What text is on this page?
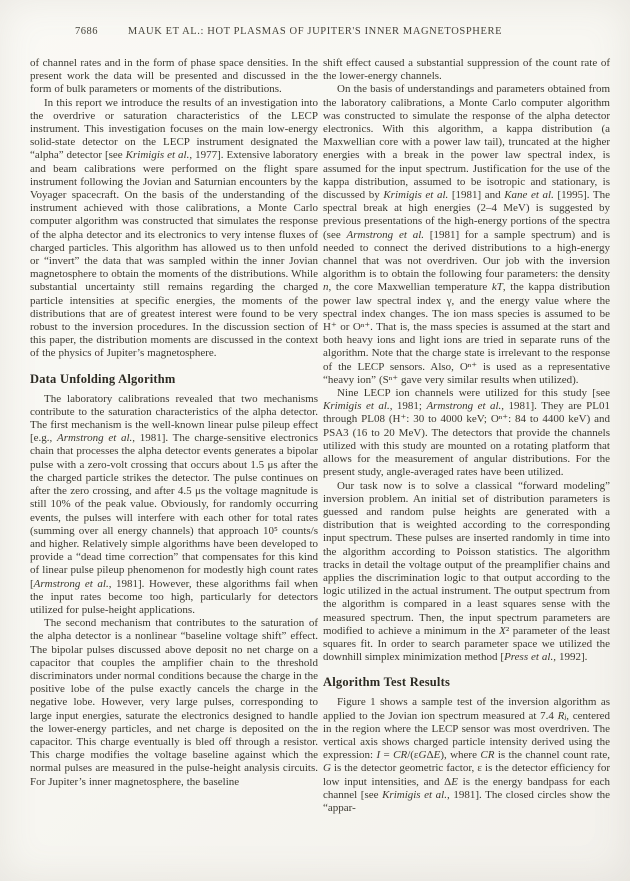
7686	MAUK ET AL.: HOT PLASMAS OF JUPITER'S INNER MAGNETOSPHERE

of channel rates and in the form of phase space densities. In the present work the data will be presented and discussed in the form of bulk parameters or moments of the distributions.

In this report we introduce the results of an investigation into the overdrive or saturation characteristics of the LECP instrument. This investigation focuses on the main low-energy solid-state detector on the LECP instrument designated the “alpha” detector [see Krimigis et al., 1977]. Extensive laboratory and beam calibrations were performed on the flight spare instrument following the Jovian and Saturnian encounters by the Voyager spacecraft. On the basis of the understanding of the instrument achieved with those calibrations, a Monte Carlo computer algorithm was constructed that simulates the response of the alpha detector and its electronics to very intense fluxes of charged particles. This algorithm has allowed us to then unfold or “invert” the data that was sampled within the inner Jovian magnetosphere to obtain the moments of the distributions. While substantial uncertainty still remains regarding the charged particle intensities at specific energies, the moments of the distributions that are of greatest interest were found to be very robust to the inversion procedures. In the discussion section of this paper, the distribution moments are discussed in the context of the physics of Jupiter’s magnetosphere.

Data Unfolding Algorithm

The laboratory calibrations revealed that two mechanisms contribute to the saturation characteristics of the alpha detector. The first mechanism is the well-known linear pulse pileup effect [e.g., Armstrong et al., 1981]. The charge-sensitive electronics chain that processes the alpha detector events generates a bipolar pulse with a zero-volt crossing that occurs about 1.5 μs after the the charged particle strikes the detector. The pulse continues on after the zero crossing, and after 4.5 μs the voltage magnitude is still 10% of the peak value. Obviously, for randomly occurring events, the pulses will interfere with each other for total rates (summing over all energy channels) that approach 10⁵ counts/s and higher. Relatively simple algorithms have been developed to provide a “dead time correction” that compensates for this kind of linear pulse pileup phenomenon for modestly high count rates [Armstrong et al., 1981]. However, these algorithms fail when the input rates become too high, particularly for detectors utilized for pulse-height applications.

The second mechanism that contributes to the saturation of the alpha detector is a nonlinear “baseline voltage shift” effect. The bipolar pulses discussed above deposit no net charge on a capacitor that couples the amplifier chain to the threshold discriminators under normal conditions because the charge in the positive lobe of the pulse exactly cancels the charge in the negative lobe. However, very large pulses, corresponding to large input energies, saturate the electronics designed to handle the lower-energy particles, and net charge is deposited on the capacitor. This charge eventually is bled off through a resistor. This charge modifies the voltage baseline against which the normal pulses are measured in the pulse-height analysis circuits. For Jupiter’s inner magnetosphere, the baseline

shift effect caused a substantial suppression of the count rate of the lower-energy channels.

On the basis of understandings and parameters obtained from the laboratory calibrations, a Monte Carlo computer algorithm was constructed to simulate the response of the alpha detector electronics. With this algorithm, a kappa distribution (a Maxwellian core with a power law tail), truncated at the higher energies with a break in the power law spectral index, is assumed for the input spectrum. Justification for the use of the kappa distribution, assumed to be isotropic and stationary, is discussed by Krimigis et al. [1981] and Kane et al. [1995]. The spectral break at high energies (2–4 MeV) is suggested by previous presentations of the high-energy portions of the spectra (see Armstrong et al. [1981] for a sample spectrum) and is needed to connect the derived distributions to a high-energy channel that was not overdriven. Our job with the inversion algorithm is to obtain the following four parameters: the density n, the core Maxwellian temperature kT, the kappa distribution power law spectral index γ, and the energy value where the spectral index changes. The ion mass species is assumed to be H⁺ or Oⁿ⁺. That is, the mass species is assumed at the start and both heavy ions and light ions are tried in separate runs of the algorithm. Note that the charge state is irrelevant to the response of the LECP sensors. Also, Oⁿ⁺ is used as a representative “heavy ion” (Sⁿ⁺ gave very similar results when utilized).

Nine LECP ion channels were utilized for this study [see Krimigis et al., 1981; Armstrong et al., 1981]. They are PL01 through PL08 (H⁺: 30 to 4000 keV; Oⁿ⁺: 84 to 4400 keV) and PSA3 (16 to 20 MeV). The detectors that provide the channels utilized with this study are mounted on a rotating platform that allows for the measurement of angular distributions. For the present study, angle-averaged rates have been utilized.

Our task now is to solve a classical “forward modeling” inversion problem. An initial set of distribution parameters is guessed and random pulse heights are generated with a distribution that is weighted according to the corresponding input spectrum. These pulses are inserted randomly in time into the algorithm according to Poisson statistics. The algorithm tracks in detail the voltage output of the preamplifier chains and applies the discrimination logic to that output according to the logic utilized in the actual instrument. The output spectrum from the algorithm is compared in a least squares sense with the measured spectrum. Then, the input spectrum parameters are modified to achieve a minimum in the X² parameter of the least squares fit. In order to search parameter space we utilized the downhill simplex minimization method [Press et al., 1992].

Algorithm Test Results

Figure 1 shows a sample test of the inversion algorithm as applied to the Jovian ion spectrum measured at 7.4 Rⱼ, centered in the region where the LECP sensor was most overdriven. The vertical axis shows charged particle intensity derived using the expression: I = CR/(εGΔE), where CR is the channel count rate, G is the detector geometric factor, ε is the detector efficiency for low input intensities, and ΔE is the energy bandpass for each channel [see Krimigis et al., 1981]. The closed circles show the “appar-
